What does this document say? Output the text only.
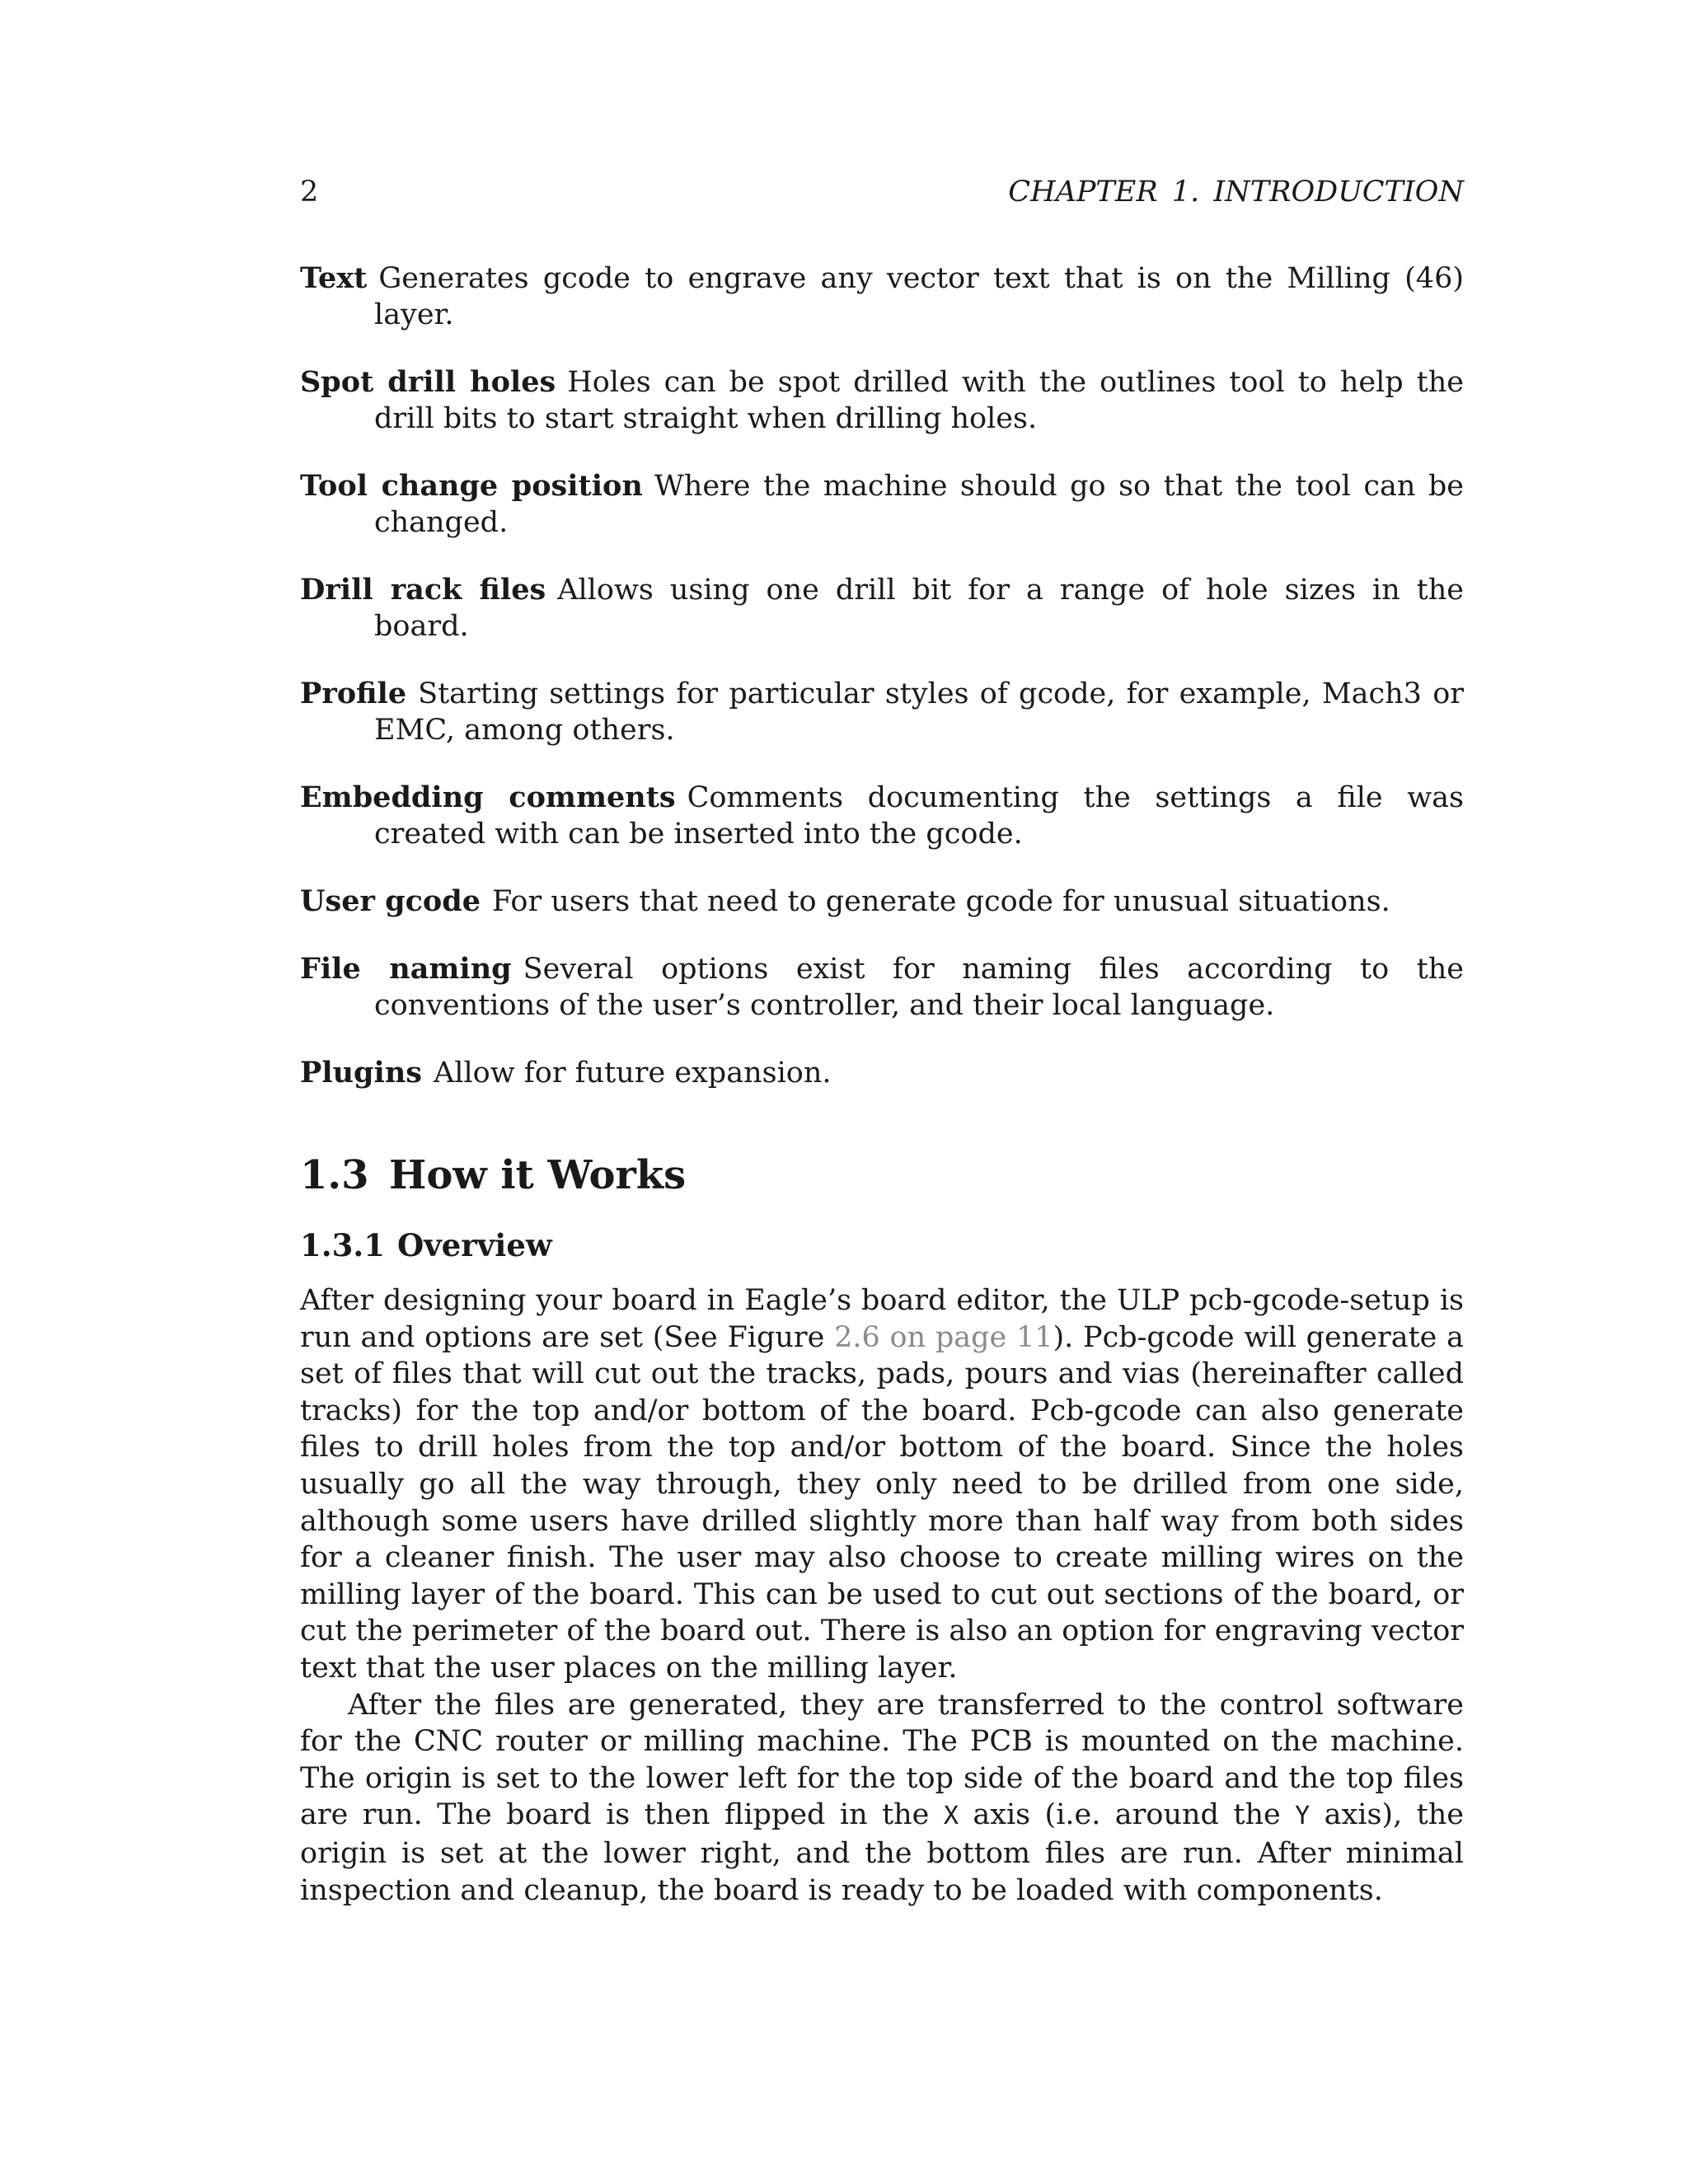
2	CHAPTER 1. INTRODUCTION

Text Generates gcode to engrave any vector text that is on the Milling (46) layer.

Spot drill holes Holes can be spot drilled with the outlines tool to help the drill bits to start straight when drilling holes.

Tool change position Where the machine should go so that the tool can be changed.

Drill rack files Allows using one drill bit for a range of hole sizes in the board.

Profile Starting settings for particular styles of gcode, for example, Mach3 or EMC, among others.

Embedding comments Comments documenting the settings a file was created with can be inserted into the gcode.

User gcode For users that need to generate gcode for unusual situations.

File naming Several options exist for naming files according to the conventions of the user’s controller, and their local language.

Plugins Allow for future expansion.

1.3 How it Works
1.3.1 Overview

After designing your board in Eagle’s board editor, the ULP pcb-gcode-setup is run and options are set (See Figure 2.6 on page 11). Pcb-gcode will generate a set of files that will cut out the tracks, pads, pours and vias (hereinafter called tracks) for the top and/or bottom of the board. Pcb-gcode can also generate files to drill holes from the top and/or bottom of the board. Since the holes usually go all the way through, they only need to be drilled from one side, although some users have drilled slightly more than half way from both sides for a cleaner finish. The user may also choose to create milling wires on the milling layer of the board. This can be used to cut out sections of the board, or cut the perimeter of the board out. There is also an option for engraving vector text that the user places on the milling layer.

After the files are generated, they are transferred to the control software for the CNC router or milling machine. The PCB is mounted on the machine. The origin is set to the lower left for the top side of the board and the top files are run. The board is then flipped in the X axis (i.e. around the Y axis), the origin is set at the lower right, and the bottom files are run. After minimal inspection and cleanup, the board is ready to be loaded with components.
